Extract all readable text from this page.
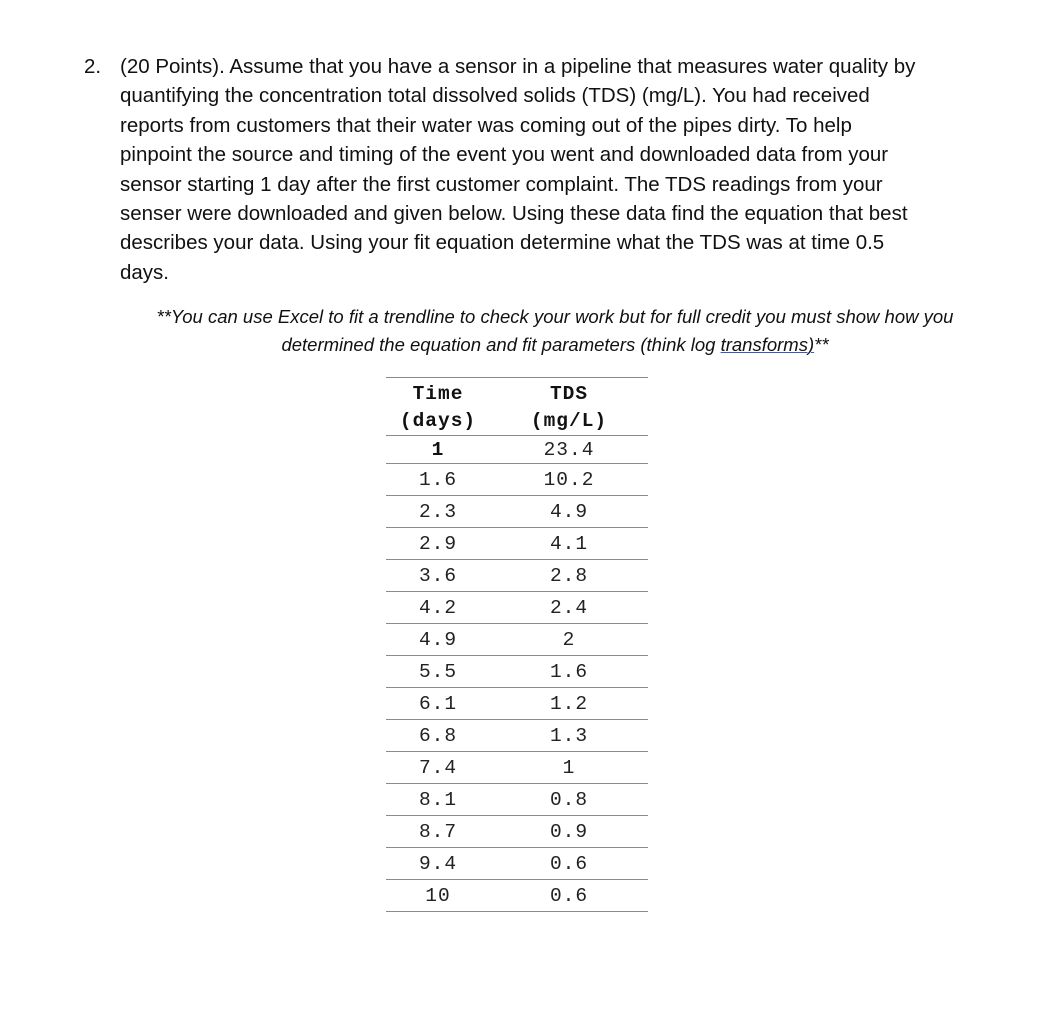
2. (20 Points). Assume that you have a sensor in a pipeline that measures water quality by
quantifying the concentration total dissolved solids (TDS) (mg/L). You had received
reports from customers that their water was coming out of the pipes dirty. To help
pinpoint the source and timing of the event you went and downloaded data from your
sensor starting 1 day after the first customer complaint. The TDS readings from your
senser were downloaded and given below. Using these data find the equation that best
describes your data. Using your fit equation determine what the TDS was at time 0.5
days.
**You can use Excel to fit a trendline to check your work but for full credit you must show how you determined the equation and fit parameters (think log transforms)**
Time	TDS
(days)	(mg/L)
1	23.4
1.6	10.2
2.3	4.9
2.9	4.1
3.6	2.8
4.2	2.4
4.9	2
5.5	1.6
6.1	1.2
6.8	1.3
7.4	1
8.1	0.8
8.7	0.9
9.4	0.6
10	0.6
